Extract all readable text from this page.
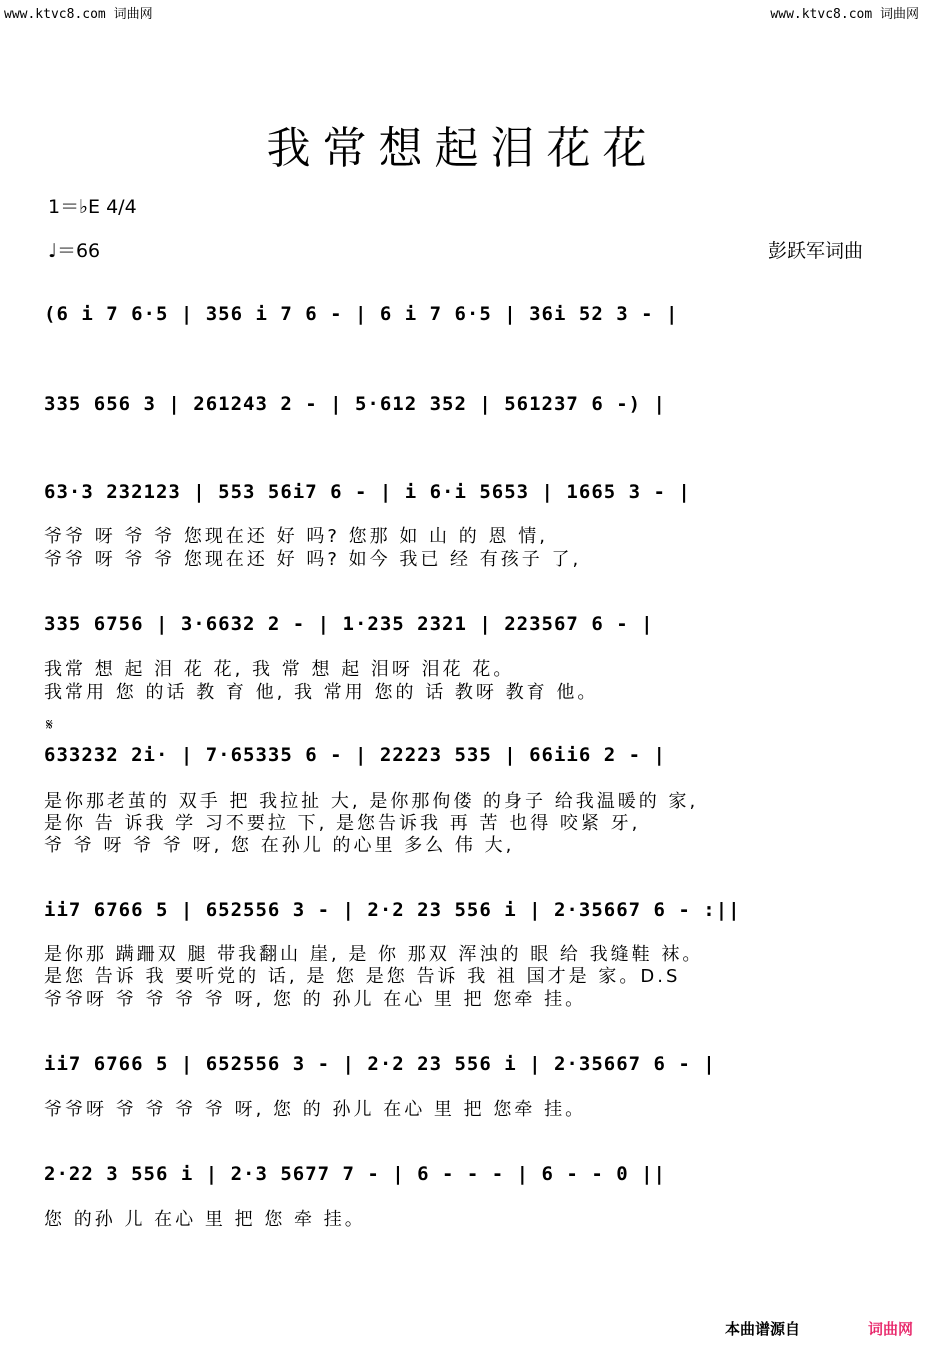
www.ktvc8.com 词曲网	www.ktvc8.com 词曲网
我常想起泪花花
1＝♭E 4/4
♩＝66	彭跃军词曲
𝄋
(6 i 7 6·5 | 356 i 7 6 - | 6 i 7 6·5 | 36i 52 3 - |
335 656 3 | 261243 2 - | 5·612 352 | 561237 6 -) |
63·3 232123 | 553 56i7 6 - | i 6·i 5653 | 1665 3 - |
爷爷 呀 爷 爷 您现在还 好 吗? 您那 如 山 的 恩 情,
爷爷 呀 爷 爷 您现在还 好 吗? 如今 我已 经 有孩子 了,
335 6756 | 3·6632 2 - | 1·235 2321 | 223567 6 - |
我常 想 起 泪 花 花, 我 常 想 起 泪呀 泪花 花。
我常用 您 的话 教 育 他, 我 常用 您的 话 教呀 教育 他。
633232 2i· | 7·65335 6 - | 22223 535 | 66ii6 2 - |
是你那老茧的 双手 把 我拉扯 大, 是你那佝偻 的身子 给我温暖的 家,
是你 告 诉我 学 习不要拉 下, 是您告诉我 再 苦 也得 咬紧 牙,
爷 爷 呀 爷 爷 呀, 您 在孙儿 的心里 多么 伟 大,
ii7 6766 5 | 652556 3 - | 2·2 23 556 i | 2·35667 6 - :||
是你那 蹒跚双 腿 带我翻山 崖, 是 你 那双 浑浊的 眼 给 我缝鞋 袜。
是您 告诉 我 要听党的 话, 是 您 是您 告诉 我 祖 国才是 家。D.S
爷爷呀 爷 爷 爷 爷 呀, 您 的 孙儿 在心 里 把 您牵 挂。
ii7 6766 5 | 652556 3 - | 2·2 23 556 i | 2·35667 6 - |
爷爷呀 爷 爷 爷 爷 呀, 您 的 孙儿 在心 里 把 您牵 挂。
2·22 3 556 i | 2·3 5677 7 - | 6 - - - | 6 - - 0 ||
您 的孙 儿 在心 里 把 您 牵 挂。
本曲谱源自	词曲网
